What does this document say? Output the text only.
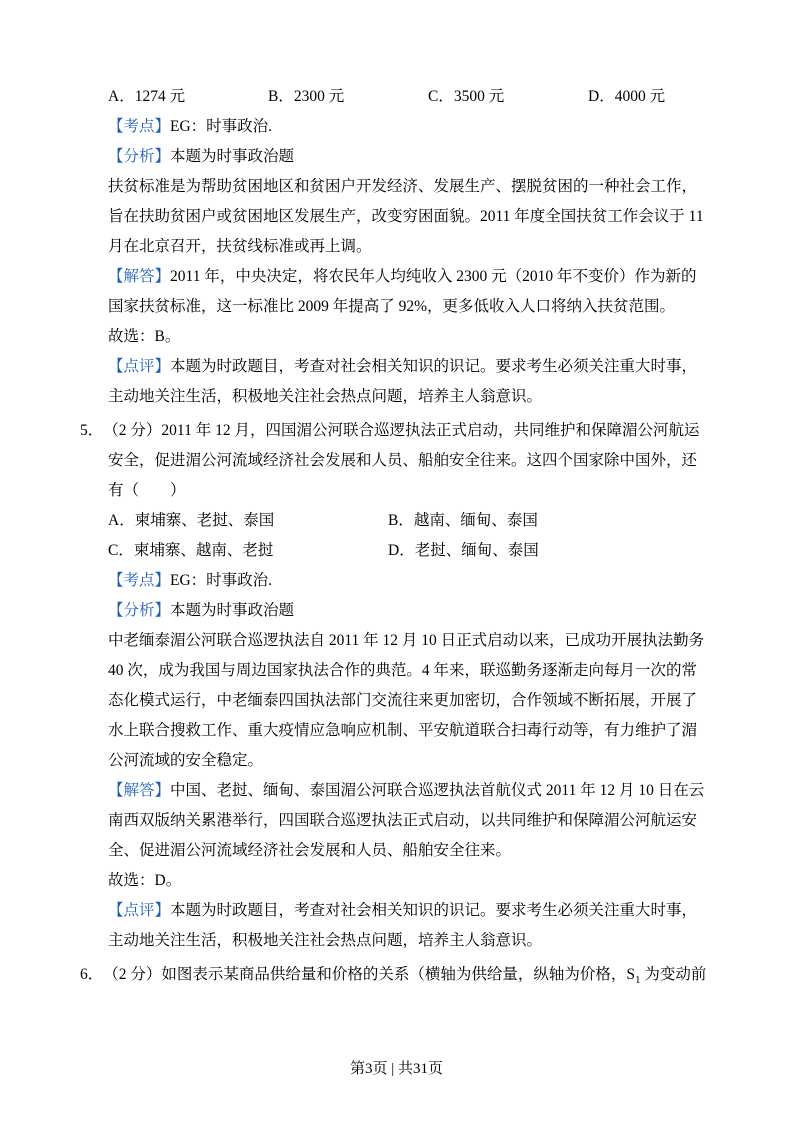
A．1274 元	B．2300 元	C．3500 元	D．4000 元
【考点】EG：时事政治.
【分析】本题为时事政治题
扶贫标准是为帮助贫困地区和贫困户开发经济、发展生产、摆脱贫困的一种社会工作，
旨在扶助贫困户或贫困地区发展生产，改变穷困面貌。2011 年度全国扶贫工作会议于 11
月在北京召开，扶贫线标准或再上调。
【解答】2011 年，中央决定，将农民年人均纯收入 2300 元（2010 年不变价）作为新的
国家扶贫标准，这一标准比 2009 年提高了 92%，更多低收入人口将纳入扶贫范围。
故选：B。
【点评】本题为时政题目，考查对社会相关知识的识记。要求考生必须关注重大时事，
主动地关注生活，积极地关注社会热点问题，培养主人翁意识。
5． （2 分）2011 年 12 月，四国湄公河联合巡逻执法正式启动，共同维护和保障湄公河航运
安全，促进湄公河流域经济社会发展和人员、船舶安全往来。这四个国家除中国外，还
有（　　）
A．柬埔寨、老挝、泰国	B．越南、缅甸、泰国
C．柬埔寨、越南、老挝	D．老挝、缅甸、泰国
【考点】EG：时事政治.
【分析】本题为时事政治题
中老缅泰湄公河联合巡逻执法自 2011 年 12 月 10 日正式启动以来，已成功开展执法勤务
40 次，成为我国与周边国家执法合作的典范。4 年来，联巡勤务逐渐走向每月一次的常
态化模式运行，中老缅泰四国执法部门交流往来更加密切，合作领域不断拓展，开展了
水上联合搜救工作、重大疫情应急响应机制、平安航道联合扫毒行动等，有力维护了湄
公河流域的安全稳定。
【解答】中国、老挝、缅甸、泰国湄公河联合巡逻执法首航仪式 2011 年 12 月 10 日在云
南西双版纳关累港举行，四国联合巡逻执法正式启动，以共同维护和保障湄公河航运安
全、促进湄公河流域经济社会发展和人员、船舶安全往来。
故选：D。
【点评】本题为时政题目，考查对社会相关知识的识记。要求考生必须关注重大时事，
主动地关注生活，积极地关注社会热点问题，培养主人翁意识。
6． （2 分）如图表示某商品供给量和价格的关系（横轴为供给量，纵轴为价格，$S_1$ 为变动前
第3页 | 共31页
